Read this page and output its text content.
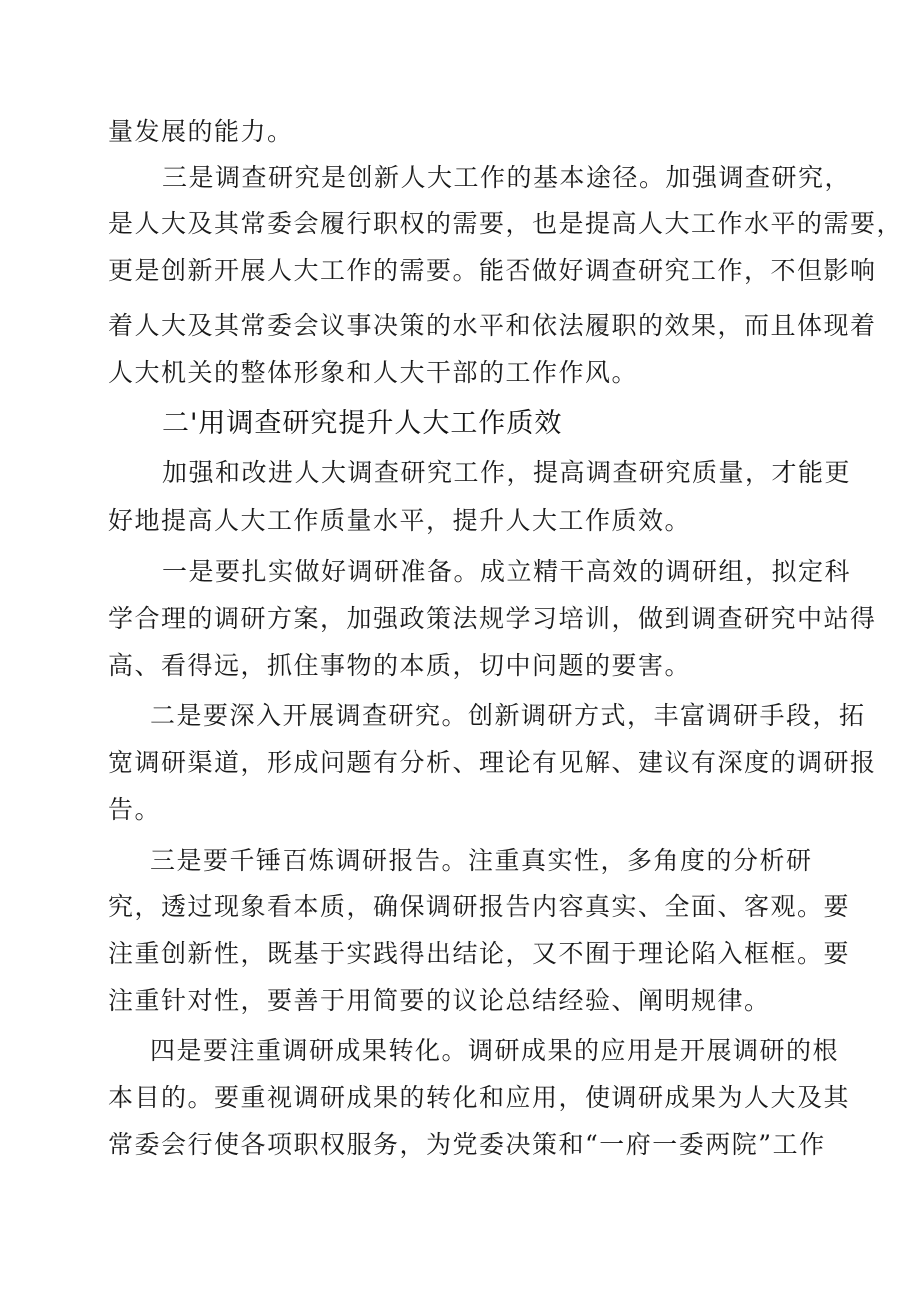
量发展的能力。
三是调查研究是创新人大工作的基本途径。加强调查研究，
是人大及其常委会履行职权的需要，也是提高人大工作水平的需要，
更是创新开展人大工作的需要。能否做好调查研究工作，不但影响
着人大及其常委会议事决策的水平和依法履职的效果，而且体现着
人大机关的整体形象和人大干部的工作作风。
二'用调查研究提升人大工作质效
加强和改进人大调查研究工作，提高调查研究质量，才能更
好地提高人大工作质量水平，提升人大工作质效。
一是要扎实做好调研准备。成立精干高效的调研组，拟定科
学合理的调研方案，加强政策法规学习培训，做到调查研究中站得
高、看得远，抓住事物的本质，切中问题的要害。
二是要深入开展调查研究。创新调研方式，丰富调研手段，拓
宽调研渠道，形成问题有分析、理论有见解、建议有深度的调研报
告。
三是要千锤百炼调研报告。注重真实性，多角度的分析研
究，透过现象看本质，确保调研报告内容真实、全面、客观。要
注重创新性，既基于实践得出结论，又不囿于理论陷入框框。要
注重针对性，要善于用简要的议论总结经验、阐明规律。
四是要注重调研成果转化。调研成果的应用是开展调研的根
本目的。要重视调研成果的转化和应用，使调研成果为人大及其
常委会行使各项职权服务，为党委决策和“一府一委两院”工作
